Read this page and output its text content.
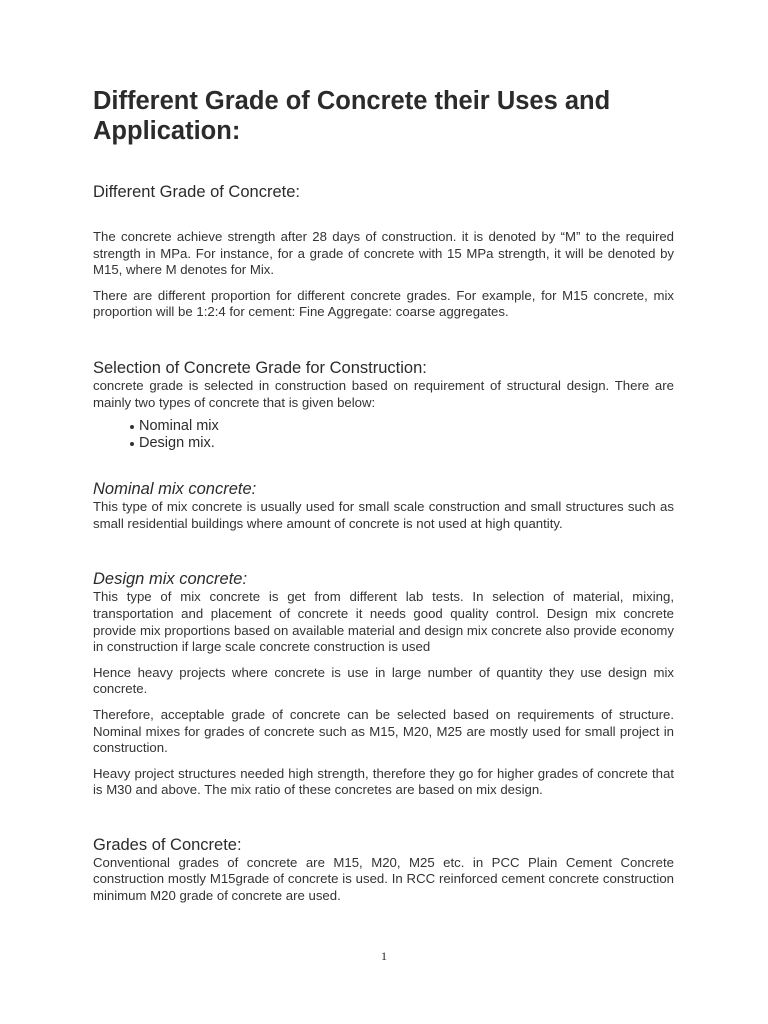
Different Grade of Concrete their Uses and Application:
Different Grade of Concrete:

The concrete achieve strength after 28 days of construction. it is denoted by “M” to the required strength in MPa. For instance, for a grade of concrete with 15 MPa strength, it will be denoted by M15, where M denotes for Mix.

There are different proportion for different concrete grades. For example, for M15 concrete, mix proportion will be 1:2:4 for cement: Fine Aggregate: coarse aggregates.

Selection of Concrete Grade for Construction:

concrete grade is selected in construction based on requirement of structural design. There are mainly two types of concrete that is given below:

Nominal mix
Design mix.
Nominal mix concrete:

This type of mix concrete is usually used for small scale construction and small structures such as small residential buildings where amount of concrete is not used at high quantity.

Design mix concrete:

This type of mix concrete is get from different lab tests. In selection of material, mixing, transportation and placement of concrete it needs good quality control. Design mix concrete provide mix proportions based on available material and design mix concrete also provide economy in construction if large scale concrete construction is used

Hence heavy projects where concrete is use in large number of quantity they use design mix concrete.

Therefore, acceptable grade of concrete can be selected based on requirements of structure. Nominal mixes for grades of concrete such as M15, M20, M25 are mostly used for small project in construction.

Heavy project structures needed high strength, therefore they go for higher grades of concrete that is M30 and above. The mix ratio of these concretes are based on mix design.

Grades of Concrete:

Conventional grades of concrete are M15, M20, M25 etc. in PCC Plain Cement Concrete construction mostly M15grade of concrete is used. In RCC reinforced cement concrete construction minimum M20 grade of concrete are used.

1
